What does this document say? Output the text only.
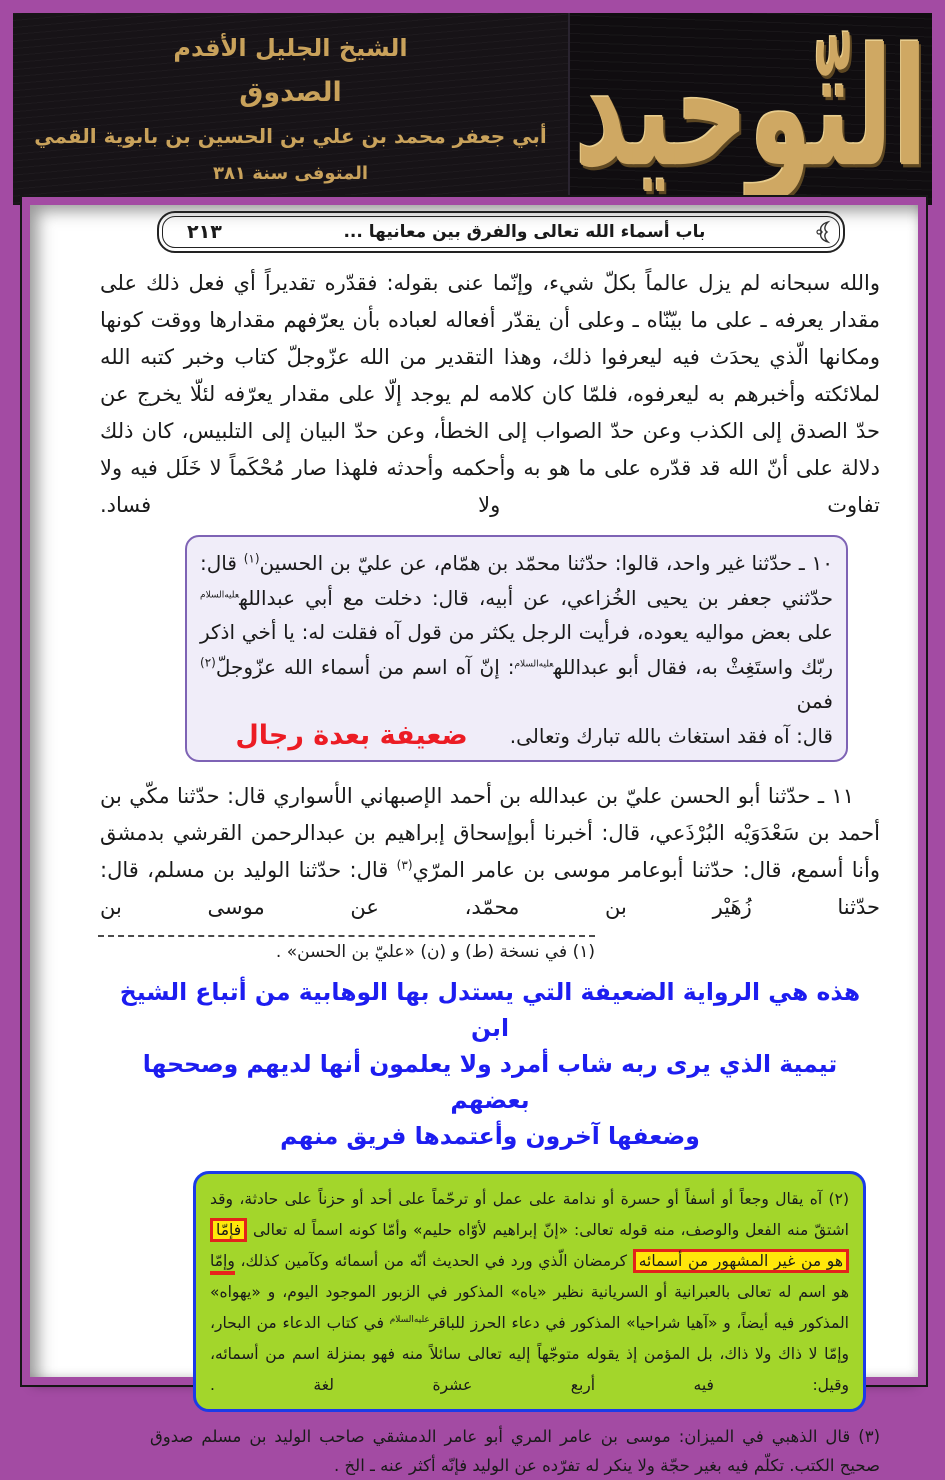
الشيخ الجليل الأقدم
الصدوق
أبي جعفر محمد بن علي بن الحسين بن بابوية القمي
المتوفى سنة ٣٨١ التّوحيد
باب أسماء الله تعالى والفرق بين معانيها ...
٢١٣
والله سبحانه لم يزل عالماً بكلّ شيء، وإنّما عنى بقوله: فقدّره تقديراً أي فعل ذلك على مقدار يعرفه ـ على ما بيّنّاه ـ وعلى أن يقدّر أفعاله لعباده بأن يعرّفهم مقدارها ووقت كونها ومكانها الّذي يحدَث فيه ليعرفوا ذلك، وهذا التقدير من الله عزّوجلّ كتاب وخبر كتبه الله لملائكته وأخبرهم به ليعرفوه، فلمّا كان كلامه لم يوجد إلّا على مقدار يعرّفه لئلّا يخرج عن حدّ الصدق إلى الكذب وعن حدّ الصواب إلى الخطأ، وعن حدّ البيان إلى التلبيس، كان ذلك دلالة على أنّ الله قد قدّره على ما هو به وأحكمه وأحدثه فلهذا صار مُحْكَماً لا خَلَل فيه ولا تفاوت ولا فساد.
١٠ ـ حدّثنا غير واحد، قالوا: حدّثنا محمّد بن همّام، عن عليّ بن الحسين$^{(١)}$ قال: حدّثني جعفر بن يحيى الخُزاعي، عن أبيه، قال: دخلت مع أبي عبدالله$^{عليه‌السلام}$ على بعض مواليه يعوده، فرأيت الرجل يكثر من قول آه فقلت له: يا أخي اذكر ربّك واستَغِثْ به، فقال أبو عبدالله$^{عليه‌السلام}$: إنّ آه اسم من أسماء الله عزّوجلّ$^{(٢)}$ فمن
قال: آه فقد استغاث بالله تبارك وتعالى.
ضعيفة بعدة رجال
١١ ـ حدّثنا أبو الحسن عليّ بن عبدالله بن أحمد الإصبهاني الأسواري قال: حدّثنا مكّي بن أحمد بن سَعْدَوَيْه البُرْذَعي، قال: أخبرنا أبوإسحاق إبراهيم بن عبدالرحمن القرشي بدمشق وأنا أسمع، قال: حدّثنا أبوعامر موسى بن عامر المرّي$^{(٣)}$ قال: حدّثنا الوليد بن مسلم، قال: حدّثنا زُهَيْر بن محمّد، عن موسى بن
(١) في نسخة (ط) و (ن) «عليّ بن الحسن» .
هذه هي الرواية الضعيفة التي يستدل بها الوهابية من أتباع الشيخ ابن
تيمية الذي يرى ربه شاب أمرد ولا يعلمون أنها لديهم وصححها بعضهم
وضعفها آخرون وأعتمدها فريق منهم
(٢) آه يقال وجعاً أو أسفاً أو حسرة أو ندامة على عمل أو ترحّماً على أحد أو حزناً على حادثة، وقد اشتقّ منه الفعل والوصف، منه قوله تعالى: «إنّ إبراهيم لأوّاه حليم» وأمّا كونه اسماً له تعالى فإمّا هو من غير المشهور من أسمائه كرمضان الّذي ورد في الحديث أنّه من أسمائه وكآمين كذلك، وإمّا هو اسم له تعالى بالعبرانية أو السريانية نظير «ياه» المذكور في الزبور الموجود اليوم، و «يهواه» المذكور فيه أيضاً، و «آهيا شراحيا» المذكور في دعاء الحرز للباقر$^{عليه‌السلام}$ في كتاب الدعاء من البحار، وإمّا لا ذاك ولا ذاك، بل المؤمن إذ يقوله متوجّهاً إليه تعالى سائلاً منه فهو بمنزلة اسم من أسمائه، وقيل: فيه أربع عشرة لغة .
(٣) قال الذهبي في الميزان: موسى بن عامر المري أبو عامر الدمشقي صاحب الوليد بن مسلم صدوق صحيح الكتب. تكلّم فيه بغير حجّة ولا ينكر له تفرّده عن الوليد فإنّه أكثر عنه ـ الخ .
